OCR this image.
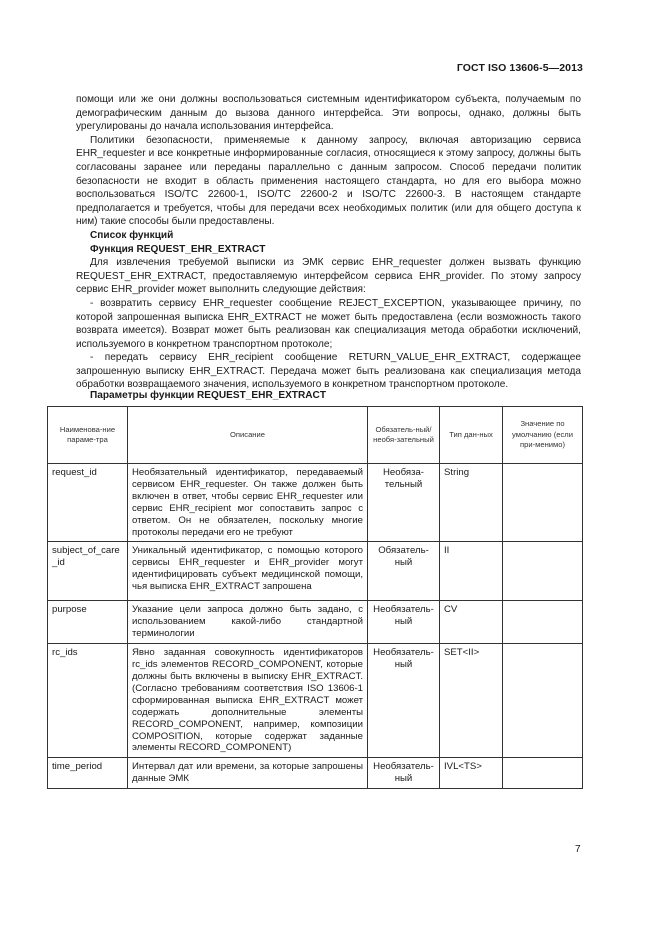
ГОСТ ISO 13606-5—2013

помощи или же они должны воспользоваться системным идентификатором субъекта, получаемым по демографическим данным до вызова данного интерфейса. Эти вопросы, однако, должны быть урегулированы до начала использования интерфейса.

Политики безопасности, применяемые к данному запросу, включая авторизацию сервиса EHR_requester и все конкретные информированные согласия, относящиеся к этому запросу, должны быть согласованы заранее или переданы параллельно с данным запросом. Способ передачи политик безопасности не входит в область применения настоящего стандарта, но для его выбора можно воспользоваться ISO/TC 22600-1, ISO/TC 22600-2 и ISO/TC 22600-3. В настоящем стандарте предполагается и требуется, чтобы для передачи всех необходимых политик (или для общего доступа к ним) такие способы были предоставлены.

Список функций

Функция REQUEST_EHR_EXTRACT

Для извлечения требуемой выписки из ЭМК сервис EHR_requester должен вызвать функцию REQUEST_EHR_EXTRACT, предоставляемую интерфейсом сервиса EHR_provider. По этому запросу сервис EHR_provider может выполнить следующие действия:

- возвратить сервису EHR_requester сообщение REJECT_EXCEPTION, указывающее причину, по которой запрошенная выписка EHR_EXTRACT не может быть предоставлена (если возможность такого возврата имеется). Возврат может быть реализован как специализация метода обработки исключений, используемого в конкретном транспортном протоколе;

- передать сервису EHR_recipient сообщение RETURN_VALUE_EHR_EXTRACT, содержащее запрошенную выписку EHR_EXTRACT. Передача может быть реализована как специализация метода обработки возвращаемого значения, используемого в конкретном транспортном протоколе.

Параметры функции REQUEST_EHR_EXTRACT
Наименова-ние параме-тра	Описание	Обязатель-ный/необя-зательный	Тип дан-ных	Значение по умолчанию (если при-менимо)
request_id	Необязательный идентификатор, передаваемый сервисом EHR_requester. Он также должен быть включен в ответ, чтобы сервис EHR_requester или сервис EHR_recipient мог сопоставить запрос с ответом. Он не обязателен, поскольку многие протоколы передачи его не требуют	Необяза-тельный	String	
subject_of_care_id	Уникальный идентификатор, с помощью которого сервисы EHR_requester и EHR_provider могут идентифицировать субъект медицинской помощи, чья выписка EHR_EXTRACT запрошена	Обязатель-ный	II	
purpose	Указание цели запроса должно быть задано, с использованием какой-либо стандартной терминологии	Необязатель-ный	CV	
rc_ids	Явно заданная совокупность идентификаторов rc_ids элементов RECORD_COMPONENT, которые должны быть включены в выписку EHR_EXTRACT. (Согласно требованиям соответствия ISO 13606-1 сформированная выписка EHR_EXTRACT может содержать дополнительные элементы RECORD_COMPONENT, например, композиции COMPOSITION, которые содержат заданные элементы RECORD_COMPONENT)	Необязатель-ный	SET<II>	
time_period	Интервал дат или времени, за которые запрошены данные ЭМК	Необязатель-ный	IVL<TS>	
7
